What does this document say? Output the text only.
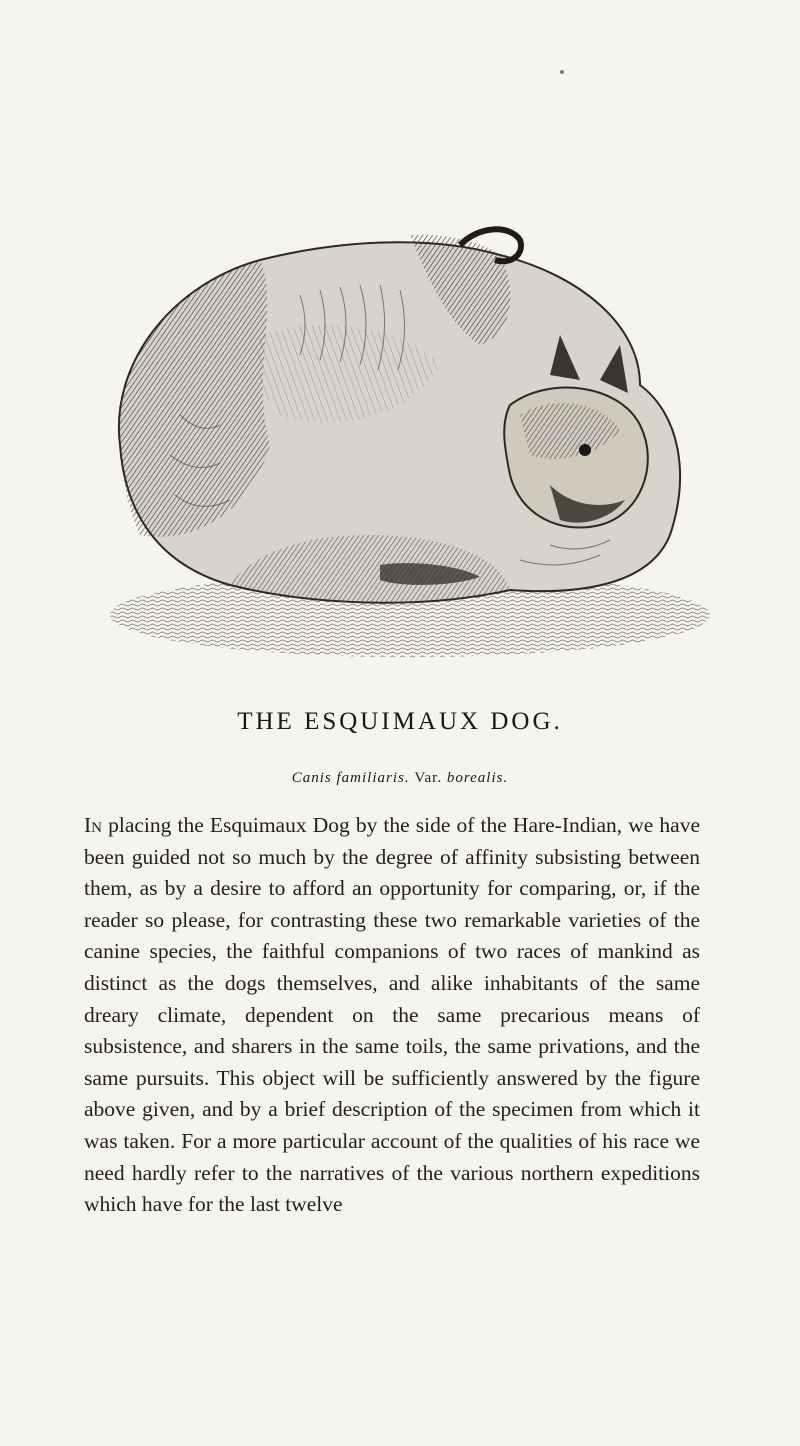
THE ESQUIMAUX DOG.
Canis familiaris. Var. borealis.
In placing the Esquimaux Dog by the side of the Hare-Indian, we have been guided not so much by the degree of affinity subsisting between them, as by a desire to afford an opportunity for comparing, or, if the reader so please, for contrasting these two remarkable varieties of the canine species, the faithful companions of two races of mankind as distinct as the dogs themselves, and alike inhabitants of the same dreary climate, dependent on the same precarious means of subsistence, and sharers in the same toils, the same privations, and the same pursuits. This object will be sufficiently answered by the figure above given, and by a brief description of the specimen from which it was taken. For a more particular account of the qualities of his race we need hardly refer to the narratives of the various northern expeditions which have for the last twelve
